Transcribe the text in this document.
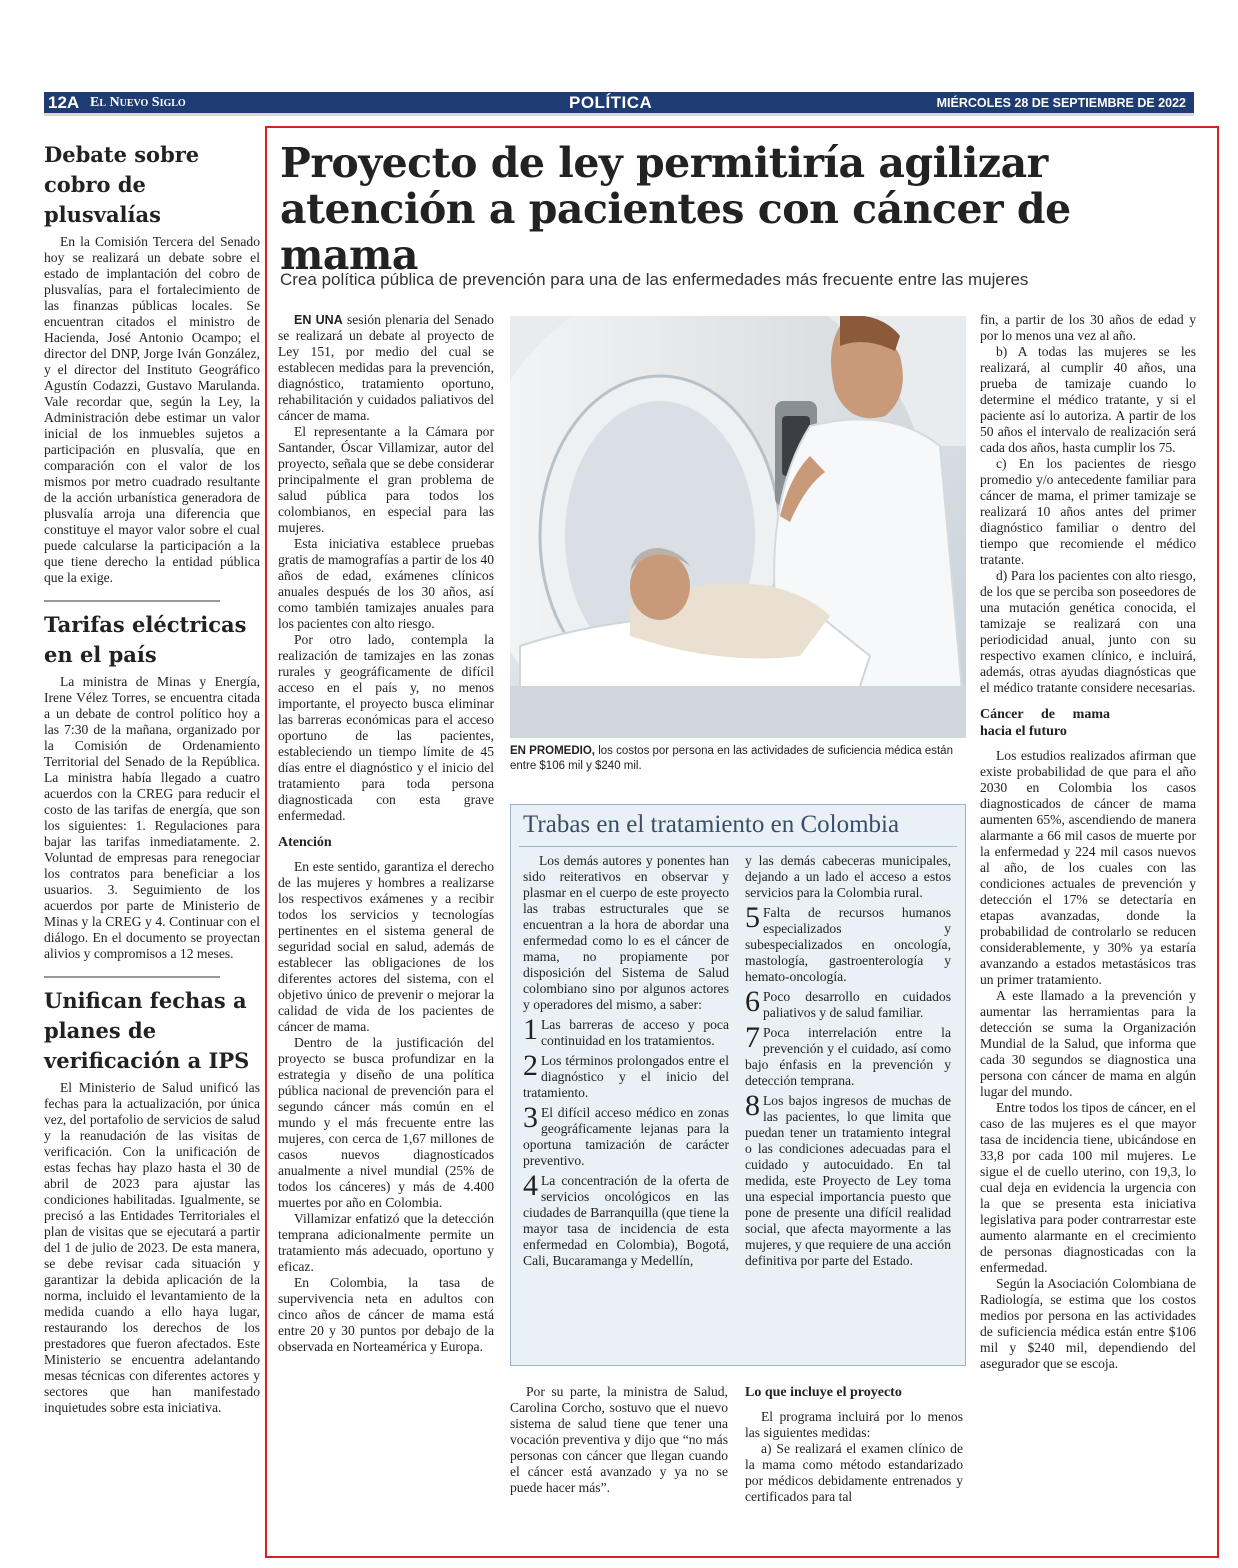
12A El Nuevo Siglo	POLÍTICA	MIÉRCOLES 28 DE SEPTIEMBRE DE 2022
Debate sobre cobro de plusvalías

En la Comisión Tercera del Senado hoy se realizará un debate sobre el estado de implantación del cobro de plusvalías, para el fortalecimiento de las finanzas públicas locales. Se encuentran citados el ministro de Hacienda, José Antonio Ocampo; el director del DNP, Jorge Iván González, y el director del Instituto Geográfico Agustín Codazzi, Gustavo Marulanda. Vale recordar que, según la Ley, la Administración debe estimar un valor inicial de los inmuebles sujetos a participación en plusvalía, que en comparación con el valor de los mismos por metro cuadrado resultante de la acción urbanística generadora de plusvalía arroja una diferencia que constituye el mayor valor sobre el cual puede calcularse la participación a la que tiene derecho la entidad pública que la exige.

Tarifas eléctricas en el país

La ministra de Minas y Energía, Irene Vélez Torres, se encuentra citada a un debate de control político hoy a las 7:30 de la mañana, organizado por la Comisión de Ordenamiento Territorial del Senado de la República. La ministra había llegado a cuatro acuerdos con la CREG para reducir el costo de las tarifas de energía, que son los siguientes: 1. Regulaciones para bajar las tarifas inmediatamente. 2. Voluntad de empresas para renegociar los contratos para beneficiar a los usuarios. 3. Seguimiento de los acuerdos por parte de Ministerio de Minas y la CREG y 4. Continuar con el diálogo. En el documento se proyectan alivios y compromisos a 12 meses.

Unifican fechas a planes de verificación a IPS

El Ministerio de Salud unificó las fechas para la actualización, por única vez, del portafolio de servicios de salud y la reanudación de las visitas de verificación. Con la unificación de estas fechas hay plazo hasta el 30 de abril de 2023 para ajustar las condiciones habilitadas. Igualmente, se precisó a las Entidades Territoriales el plan de visitas que se ejecutará a partir del 1 de julio de 2023. De esta manera, se debe revisar cada situación y garantizar la debida aplicación de la norma, incluido el levantamiento de la medida cuando a ello haya lugar, restaurando los derechos de los prestadores que fueron afectados. Este Ministerio se encuentra adelantando mesas técnicas con diferentes actores y sectores que han manifestado inquietudes sobre esta iniciativa.

Proyecto de ley permitiría agilizar atención a pacientes con cáncer de mama
Crea política pública de prevención para una de las enfermedades más frecuente entre las mujeres

EN UNA sesión plenaria del Senado se realizará un debate al proyecto de Ley 151, por medio del cual se establecen medidas para la prevención, diagnóstico, tratamiento oportuno, rehabilitación y cuidados paliativos del cáncer de mama.

El representante a la Cámara por Santander, Óscar Villamizar, autor del proyecto, señala que se debe considerar principalmente el gran problema de salud pública para todos los colombianos, en especial para las mujeres.

Esta iniciativa establece pruebas gratis de mamografías a partir de los 40 años de edad, exámenes clínicos anuales después de los 30 años, así como también tamizajes anuales para los pacientes con alto riesgo.

Por otro lado, contempla la realización de tamizajes en las zonas rurales y geográficamente de difícil acceso en el país y, no menos importante, el proyecto busca eliminar las barreras económicas para el acceso oportuno de las pacientes, estableciendo un tiempo límite de 45 días entre el diagnóstico y el inicio del tratamiento para toda persona diagnosticada con esta grave enfermedad.

Atención

En este sentido, garantiza el derecho de las mujeres y hombres a realizarse los respectivos exámenes y a recibir todos los servicios y tecnologías pertinentes en el sistema general de seguridad social en salud, además de establecer las obligaciones de los diferentes actores del sistema, con el objetivo único de prevenir o mejorar la calidad de vida de los pacientes de cáncer de mama.

Dentro de la justificación del proyecto se busca profundizar en la estrategia y diseño de una política pública nacional de prevención para el segundo cáncer más común en el mundo y el más frecuente entre las mujeres, con cerca de 1,67 millones de casos nuevos diagnosticados anualmente a nivel mundial (25% de todos los cánceres) y más de 4.400 muertes por año en Colombia.

Villamizar enfatizó que la detección temprana adicionalmente permite un tratamiento más adecuado, oportuno y eficaz.

En Colombia, la tasa de supervivencia neta en adultos con cinco años de cáncer de mama está entre 20 y 30 puntos por debajo de la observada en Norteamérica y Europa.

EN PROMEDIO, los costos por persona en las actividades de suficiencia médica están entre $106 mil y $240 mil.
Trabas en el tratamiento en Colombia

Los demás autores y ponentes han sido reiterativos en observar y plasmar en el cuerpo de este proyecto las trabas estructurales que se encuentran a la hora de abordar una enfermedad como lo es el cáncer de mama, no propiamente por disposición del Sistema de Salud colombiano sino por algunos actores y operadores del mismo, a saber:

1 Las barreras de acceso y poca continuidad en los tratamientos.
2 Los términos prolongados entre el diagnóstico y el inicio del tratamiento.
3 El difícil acceso médico en zonas geográficamente lejanas para la oportuna tamización de carácter preventivo.
4 La concentración de la oferta de servicios oncológicos en las ciudades de Barranquilla (que tiene la mayor tasa de incidencia de esta enfermedad en Colombia), Bogotá, Cali, Bucaramanga y Medellín,

y las demás cabeceras municipales, dejando a un lado el acceso a estos servicios para la Colombia rural.

5 Falta de recursos humanos especializados y subespecializados en oncología, mastología, gastroenterología y hemato-oncología.
6 Poco desarrollo en cuidados paliativos y de salud familiar.
7 Poca interrelación entre la prevención y el cuidado, así como bajo énfasis en la prevención y detección temprana.
8 Los bajos ingresos de muchas de las pacientes, lo que limita que puedan tener un tratamiento integral o las condiciones adecuadas para el cuidado y autocuidado. En tal medida, este Proyecto de Ley toma una especial importancia puesto que pone de presente una difícil realidad social, que afecta mayormente a las mujeres, y que requiere de una acción definitiva por parte del Estado.

Por su parte, la ministra de Salud, Carolina Corcho, sostuvo que el nuevo sistema de salud tiene que tener una vocación preventiva y dijo que “no más personas con cáncer que llegan cuando el cáncer está avanzado y ya no se puede hacer más”.

Lo que incluye el proyecto

El programa incluirá por lo menos las siguientes medidas:

a) Se realizará el examen clínico de la mama como método estandarizado por médicos debidamente entrenados y certificados para tal

fin, a partir de los 30 años de edad y por lo menos una vez al año.

b) A todas las mujeres se les realizará, al cumplir 40 años, una prueba de tamizaje cuando lo determine el médico tratante, y si el paciente así lo autoriza. A partir de los 50 años el intervalo de realización será cada dos años, hasta cumplir los 75.

c) En los pacientes de riesgo promedio y/o antecedente familiar para cáncer de mama, el primer tamizaje se realizará 10 años antes del primer diagnóstico familiar o dentro del tiempo que recomiende el médico tratante.

d) Para los pacientes con alto riesgo, de los que se perciba son poseedores de una mutación genética conocida, el tamizaje se realizará con una periodicidad anual, junto con su respectivo examen clínico, e incluirá, además, otras ayudas diagnósticas que el médico tratante considere necesarias.

Cáncer de mama hacia el futuro

Los estudios realizados afirman que existe probabilidad de que para el año 2030 en Colombia los casos diagnosticados de cáncer de mama aumenten 65%, ascendiendo de manera alarmante a 66 mil casos de muerte por la enfermedad y 224 mil casos nuevos al año, de los cuales con las condiciones actuales de prevención y detección el 17% se detectaría en etapas avanzadas, donde la probabilidad de controlarlo se reducen considerablemente, y 30% ya estaría avanzando a estados metastásicos tras un primer tratamiento.

A este llamado a la prevención y aumentar las herramientas para la detección se suma la Organización Mundial de la Salud, que informa que cada 30 segundos se diagnostica una persona con cáncer de mama en algún lugar del mundo.

Entre todos los tipos de cáncer, en el caso de las mujeres es el que mayor tasa de incidencia tiene, ubicándose en 33,8 por cada 100 mil mujeres. Le sigue el de cuello uterino, con 19,3, lo cual deja en evidencia la urgencia con la que se presenta esta iniciativa legislativa para poder contrarrestar este aumento alarmante en el crecimiento de personas diagnosticadas con la enfermedad.

Según la Asociación Colombiana de Radiología, se estima que los costos medios por persona en las actividades de suficiencia médica están entre $106 mil y $240 mil, dependiendo del asegurador que se escoja.
